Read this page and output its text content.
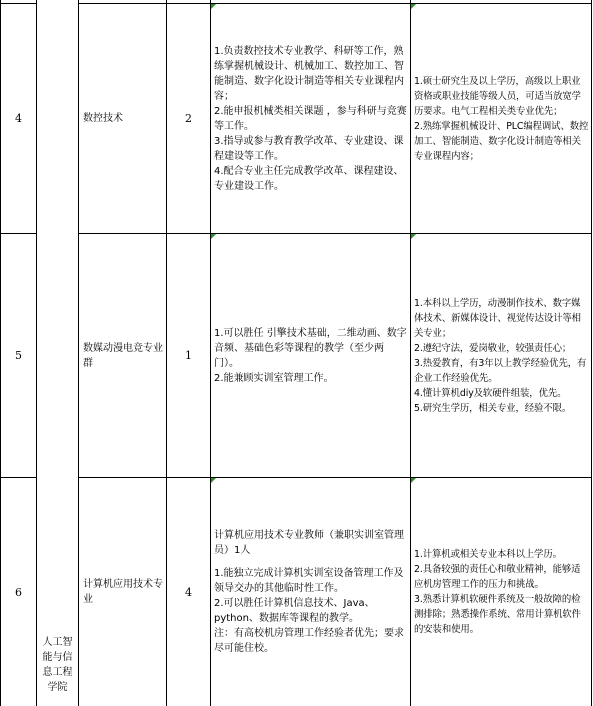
4	数控技术	2

1.负责数控技术专业教学、科研等工作，熟练掌握机械设计、机械加工、数控加工、智能制造、数字化设计制造等相关专业课程内容；

2.能申报机械类相关课题 ，参与科研与竞赛等工作。

3.指导或参与教育教学改革、专业建设、课程建设等工作。

4.配合专业主任完成教学改革、课程建设、专业建设工作。

1.硕士研究生及以上学历，高级以上职业资格或职业技能等级人员，可适当放宽学历要求。电气工程相关类专业优先；

2.熟练掌握机械设计、PLC编程调试、数控加工、智能制造、数字化设计制造等相关专业课程内容；

5
数媒动漫电竞专业群
1

1.可以胜任 引擎技术基础，二维动画、数字音频、基础色彩等课程的教学（至少两门）。

2.能兼顾实训室管理工作。

1.本科以上学历，动漫制作技术、数字媒体技术、新媒体设计、视觉传达设计等相关专业；

2.遵纪守法，爱岗敬业，较强责任心；

3.热爱教育，有3年以上教学经验优先，有企业工作经验优先。

4.懂计算机diy及软硬件组装，优先。

5.研究生学历，相关专业，经验不限。

6
计算机应用技术专业
4

计算机应用技术专业教师（兼职实训室管理员）1人

1.能独立完成计算机实训室设备管理工作及领导交办的其他临时性工作。

2.可以胜任计算机信息技术、Java、python、数据库等课程的教学。

注：有高校机房管理工作经验者优先；要求尽可能住校。

1.计算机或相关专业本科以上学历。

2.具备较强的责任心和敬业精神，能够适应机房管理工作的压力和挑战。

3.熟悉计算机软硬件系统及一般故障的检测排除；熟悉操作系统、常用计算机软件的安装和使用。

人工智能与信息工程学院
